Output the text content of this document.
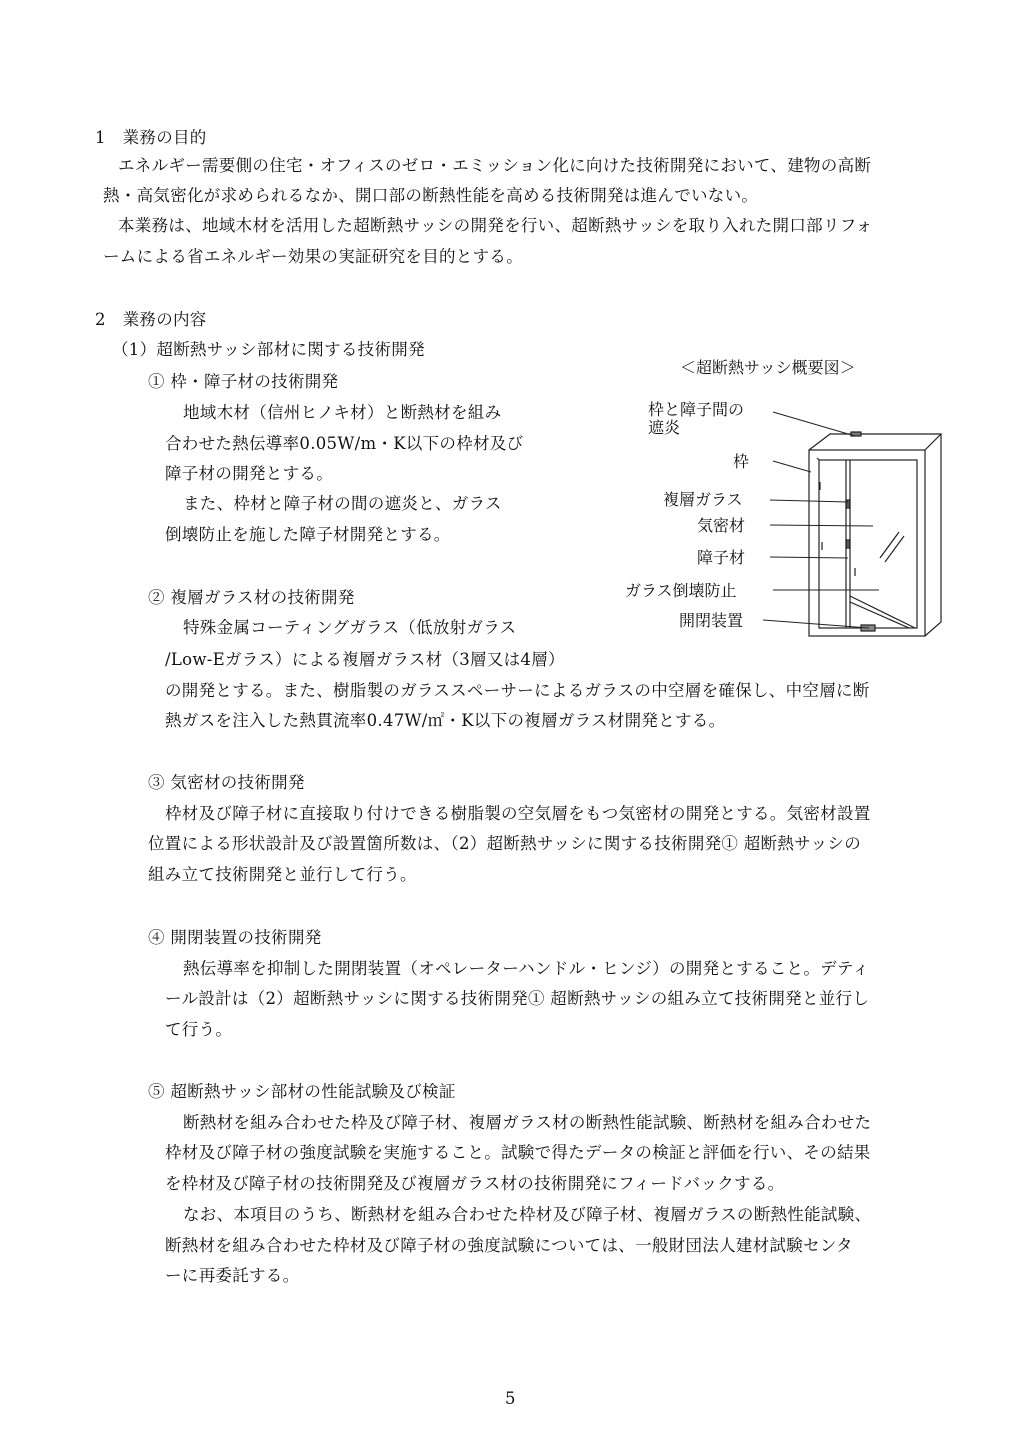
1　業務の目的
エネルギー需要側の住宅・オフィスのゼロ・エミッション化に向けた技術開発において、建物の高断
熱・高気密化が求められるなか、開口部の断熱性能を高める技術開発は進んでいない。
本業務は、地域木材を活用した超断熱サッシの開発を行い、超断熱サッシを取り入れた開口部リフォ
ームによる省エネルギー効果の実証研究を目的とする。
2　業務の内容
（1）超断熱サッシ部材に関する技術開発
① 枠・障子材の技術開発
地域木材（信州ヒノキ材）と断熱材を組み
合わせた熱伝導率0.05W/m・K以下の枠材及び
障子材の開発とする。
また、枠材と障子材の間の遮炎と、ガラス
倒壊防止を施した障子材開発とする。
② 複層ガラス材の技術開発
特殊金属コーティングガラス（低放射ガラス
/Low-Eガラス）による複層ガラス材（3層又は4層）
の開発とする。また、樹脂製のガラススペーサーによるガラスの中空層を確保し、中空層に断
熱ガスを注入した熱貫流率0.47W/㎡・K以下の複層ガラス材開発とする。
③ 気密材の技術開発
枠材及び障子材に直接取り付けできる樹脂製の空気層をもつ気密材の開発とする。気密材設置
位置による形状設計及び設置箇所数は、（2）超断熱サッシに関する技術開発① 超断熱サッシの
組み立て技術開発と並行して行う。
④ 開閉装置の技術開発
熱伝導率を抑制した開閉装置（オペレーターハンドル・ヒンジ）の開発とすること。デティ
ール設計は（2）超断熱サッシに関する技術開発① 超断熱サッシの組み立て技術開発と並行し
て行う。
⑤ 超断熱サッシ部材の性能試験及び検証
断熱材を組み合わせた枠及び障子材、複層ガラス材の断熱性能試験、断熱材を組み合わせた
枠材及び障子材の強度試験を実施すること。試験で得たデータの検証と評価を行い、その結果
を枠材及び障子材の技術開発及び複層ガラス材の技術開発にフィードバックする。
なお、本項目のうち、断熱材を組み合わせた枠材及び障子材、複層ガラスの断熱性能試験、
断熱材を組み合わせた枠材及び障子材の強度試験については、一般財団法人建材試験センタ
ーに再委託する。
＜超断熱サッシ概要図＞
枠と障子間の
遮炎
枠
複層ガラス
気密材
障子材
ガラス倒壊防止
開閉装置
5
